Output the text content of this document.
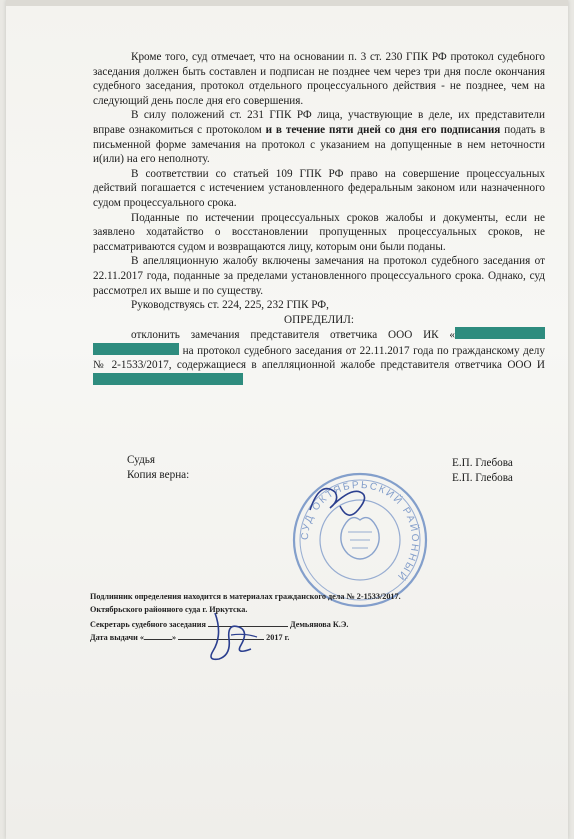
Кроме того, суд отмечает, что на основании п. 3 ст. 230 ГПК РФ протокол судебного заседания должен быть составлен и подписан не позднее чем через три дня после окончания судебного заседания, протокол отдельного процессуального действия - не позднее, чем на следующий день после дня его совершения.

В силу положений ст. 231 ГПК РФ лица, участвующие в деле, их представители вправе ознакомиться с протоколом и в течение пяти дней со дня его подписания подать в письменной форме замечания на протокол с указанием на допущенные в нем неточности и(или) на его неполноту.

В соответствии со статьей 109 ГПК РФ право на совершение процессуальных действий погашается с истечением установленного федеральным законом или назначенного судом процессуального срока.

Поданные по истечении процессуальных сроков жалобы и документы, если не заявлено ходатайство о восстановлении пропущенных процессуальных сроков, не рассматриваются судом и возвращаются лицу, которым они были поданы.

В апелляционную жалобу включены замечания на протокол судебного заседания от 22.11.2017 года, поданные за пределами установленного процессуального срока. Однако, суд рассмотрел их выше и по существу.

Руководствуясь ст. 224, 225, 232 ГПК РФ,

ОПРЕДЕЛИЛ:

отклонить замечания представителя ответчика ООО ИК «  на протокол судебного заседания от 22.11.2017 года по гражданскому делу № 2-1533/2017, содержащиеся в апелляционной жалобе представителя ответчика ООО И

Судья
Копия верна:
Е.П. Глебова
Е.П. Глебова
СУД ОКТЯБРЬСКИЙ РАЙОННЫЙ
Подлинник определения находится в материалах гражданского дела № 2-1533/2017.
Октябрьского районного суда г. Иркутска.
Секретарь судебного заседания	Демьянова К.Э.
Дата выдачи «	»	2017 г.
